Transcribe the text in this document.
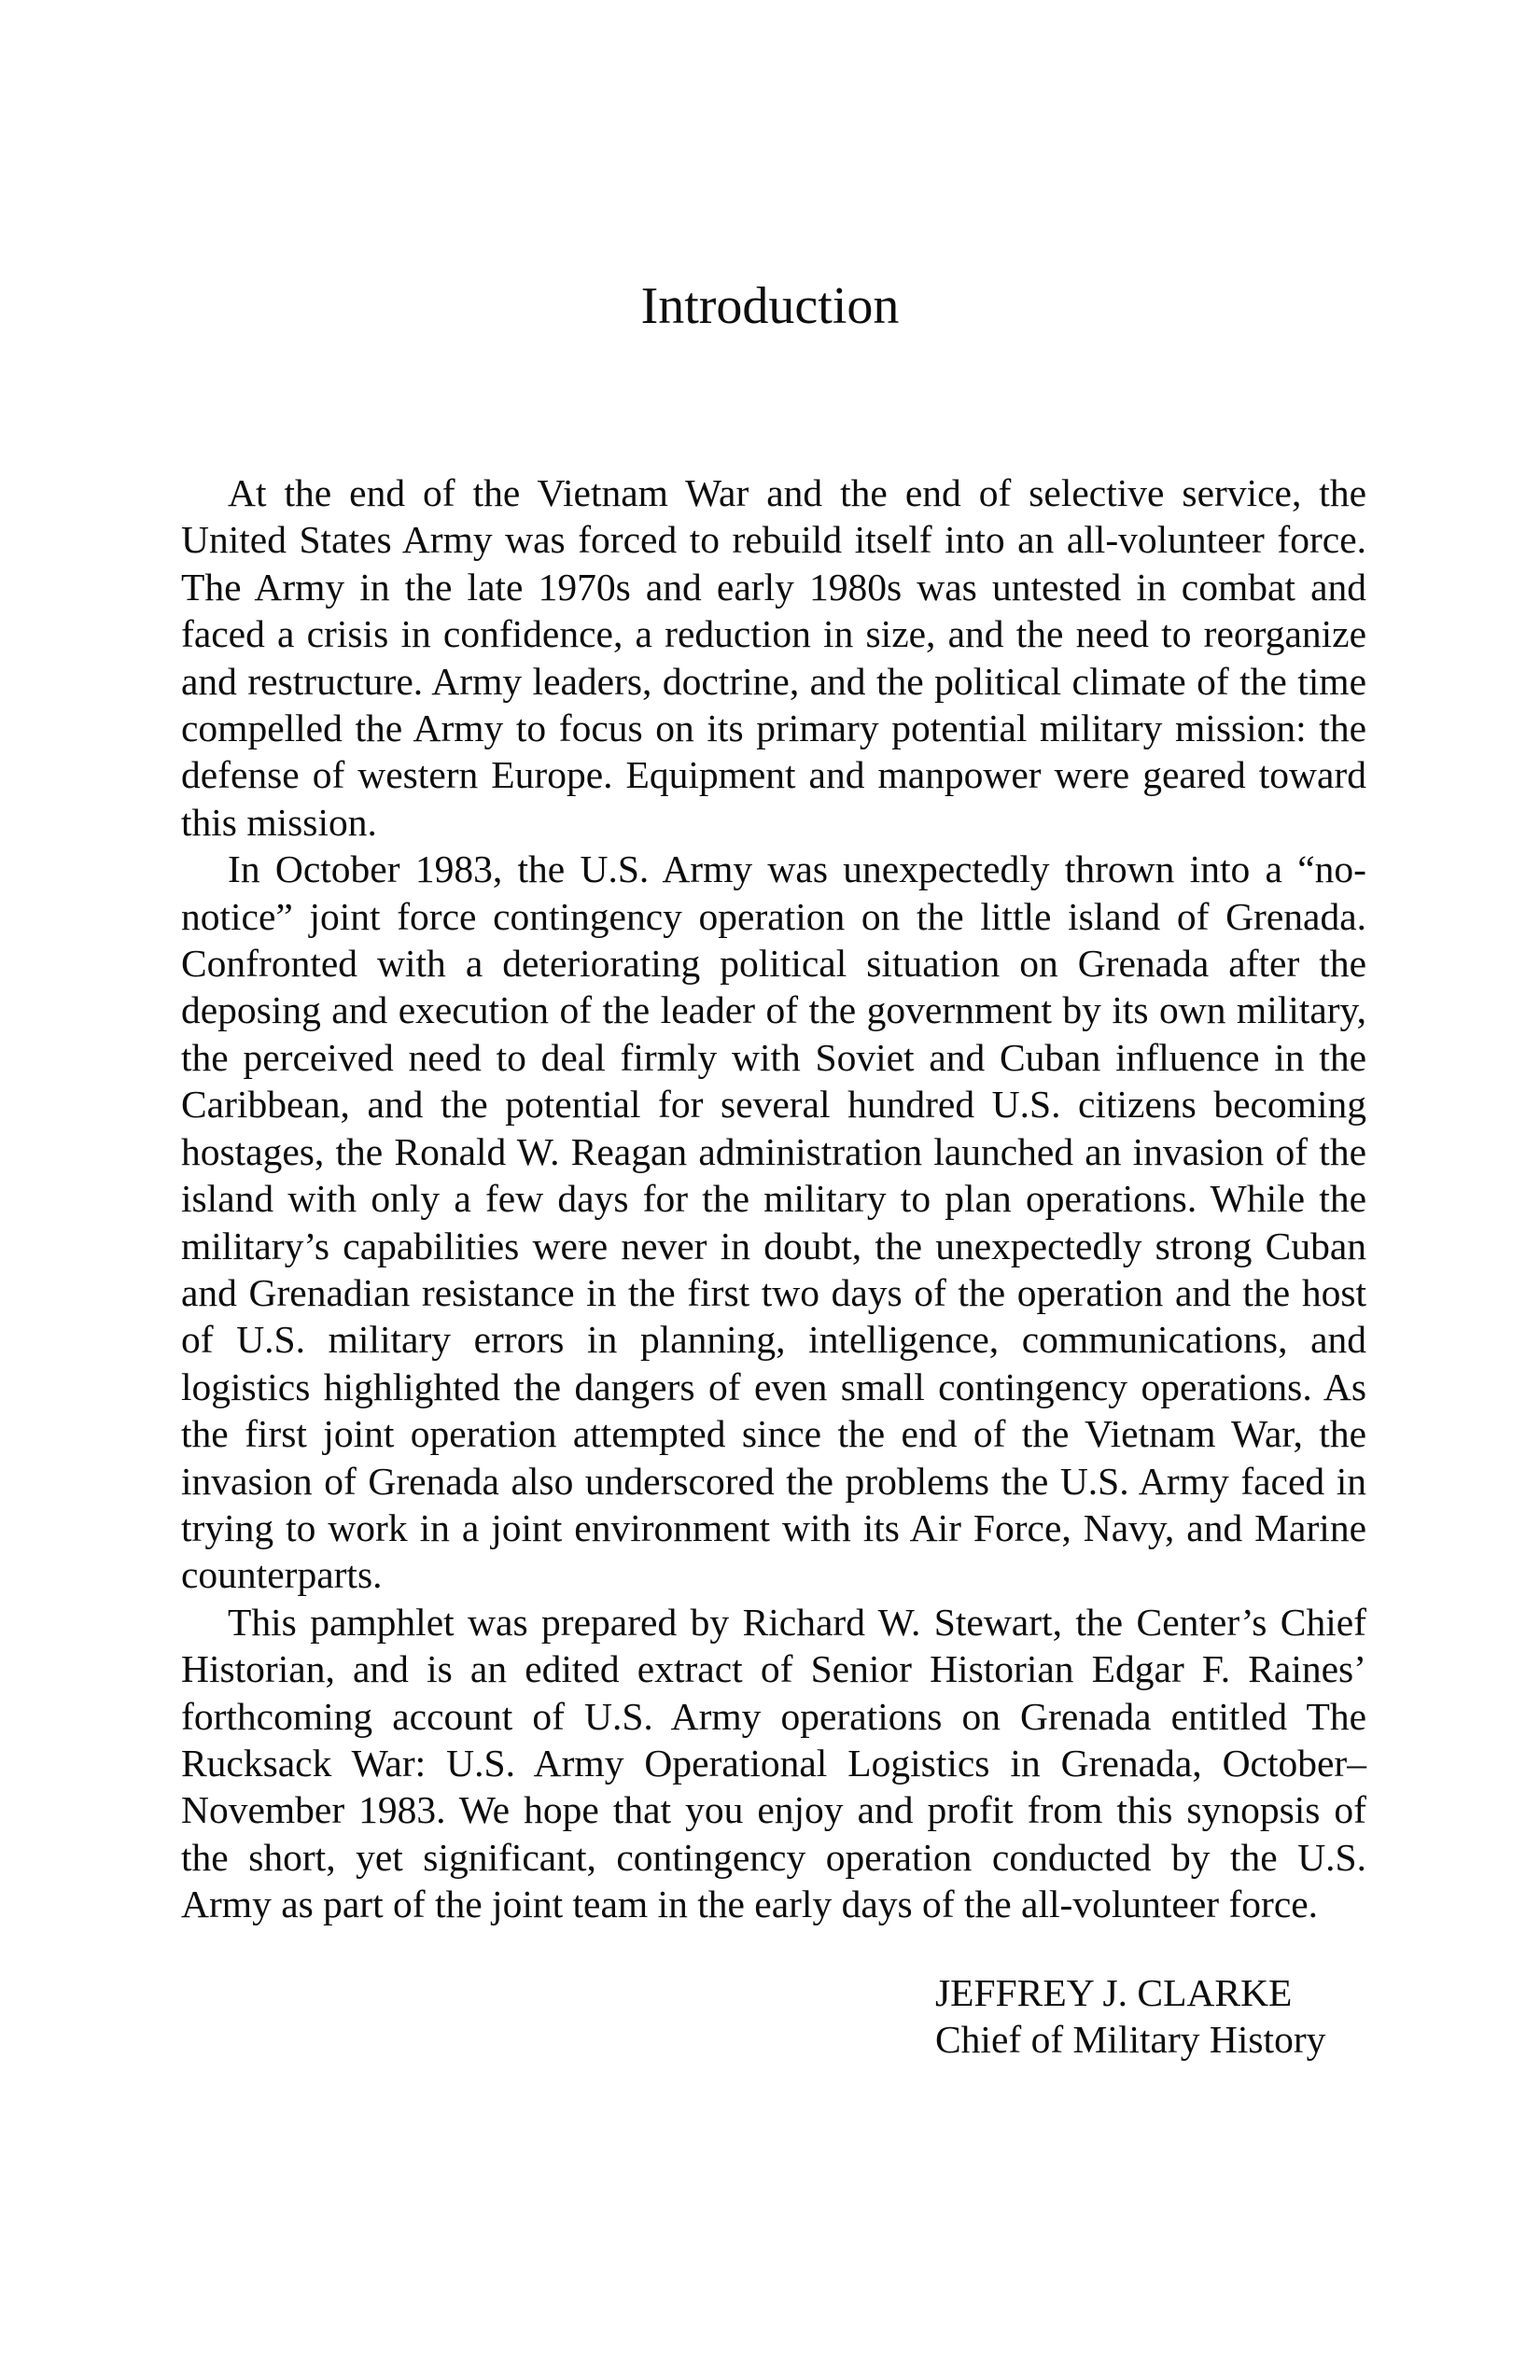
Introduction

At the end of the Vietnam War and the end of selective service, the United States Army was forced to rebuild itself into an all-volunteer force. The Army in the late 1970s and early 1980s was untested in combat and faced a crisis in confidence, a reduction in size, and the need to reorganize and restructure. Army leaders, doctrine, and the political climate of the time compelled the Army to focus on its primary potential military mission: the defense of western Europe. Equipment and manpower were geared toward this mission.

In October 1983, the U.S. Army was unexpectedly thrown into a “no-notice” joint force contingency operation on the little island of Grenada. Confronted with a deteriorating political situation on Grenada after the deposing and execution of the leader of the government by its own military, the perceived need to deal firmly with Soviet and Cuban influence in the Caribbean, and the potential for several hundred U.S. citizens becoming hostages, the Ronald W. Reagan administration launched an invasion of the island with only a few days for the military to plan operations. While the military’s capabilities were never in doubt, the unexpectedly strong Cuban and Grenadian resistance in the first two days of the operation and the host of U.S. military errors in planning, intelligence, communications, and logistics highlighted the dangers of even small contingency operations. As the first joint operation attempted since the end of the Vietnam War, the invasion of Grenada also underscored the problems the U.S. Army faced in trying to work in a joint environment with its Air Force, Navy, and Marine counterparts.

This pamphlet was prepared by Richard W. Stewart, the Center’s Chief Historian, and is an edited extract of Senior Historian Edgar F. Raines’ forthcoming account of U.S. Army operations on Grenada entitled The Rucksack War: U.S. Army Operational Logistics in Grenada, October–November 1983. We hope that you enjoy and profit from this synopsis of the short, yet significant, contingency operation conducted by the U.S. Army as part of the joint team in the early days of the all-volunteer force.

JEFFREY J. CLARKE
Chief of Military History
